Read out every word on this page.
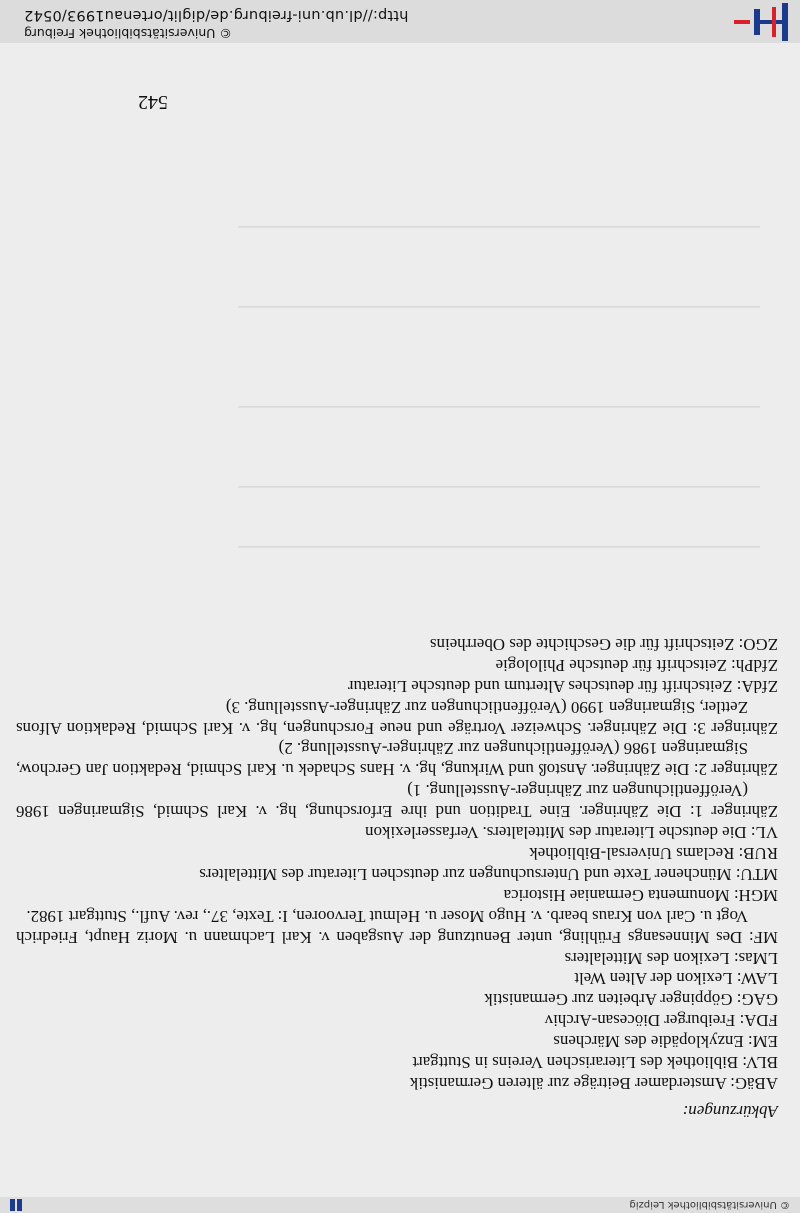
© Universitätsbibliothek Leipzig
──────────────────────────────────────────────
──────────────────────────────────────────────
──────────────────────────────────────────────
──────────────────────────────────────────────
──────────────────────────────────────────────
Abkürzungen:
ABäG: Amsterdamer Beiträge zur älteren Germanistik
BLV: Bibliothek des Literarischen Vereins in Stuttgart
EM: Enzyklopädie des Märchens
FDA: Freiburger Diöcesan-Archiv
GAG: Göppinger Arbeiten zur Germanistik
LAW: Lexikon der Alten Welt
LMas: Lexikon des Mittelalters
MF: Des Minnesangs Frühling, unter Benutzung der Ausgaben v. Karl Lachmann u. Moriz Haupt, Friedrich Vogt u. Carl von Kraus bearb. v. Hugo Moser u. Helmut Tervooren, I: Texte, 37., rev. Aufl., Stuttgart 1982.
MGH: Monumenta Germaniae Historica
MTU: Münchener Texte und Untersuchungen zur deutschen Literatur des Mittelalters
RUB: Reclams Universal-Bibliothek
VL: Die deutsche Literatur des Mittelalters. Verfasserlexikon
Zähringer 1: Die Zähringer. Eine Tradition und ihre Erforschung, hg. v. Karl Schmid, Sigmaringen 1986 (Veröffentlichungen zur Zähringer-Ausstellung. 1)
Zähringer 2: Die Zähringer. Anstoß und Wirkung, hg. v. Hans Schadek u. Karl Schmid, Redaktion Jan Gerchow, Sigmaringen 1986 (Veröffentlichungen zur Zähringer-Ausstellung. 2)
Zähringer 3: Die Zähringer. Schweizer Vorträge und neue Forschungen, hg. v. Karl Schmid, Redaktion Alfons Zettler, Sigmaringen 1990 (Veröffentlichungen zur Zähringer-Ausstellung. 3)
ZfdA: Zeitschrift für deutsches Altertum und deutsche Literatur
ZfdPh: Zeitschrift für deutsche Philologie
ZGO: Zeitschrift für die Geschichte des Oberrheins

542

© Universitätsbibliothek Freiburg
http://dl.ub.uni-freiburg.de/diglit/ortenau1993/0542
